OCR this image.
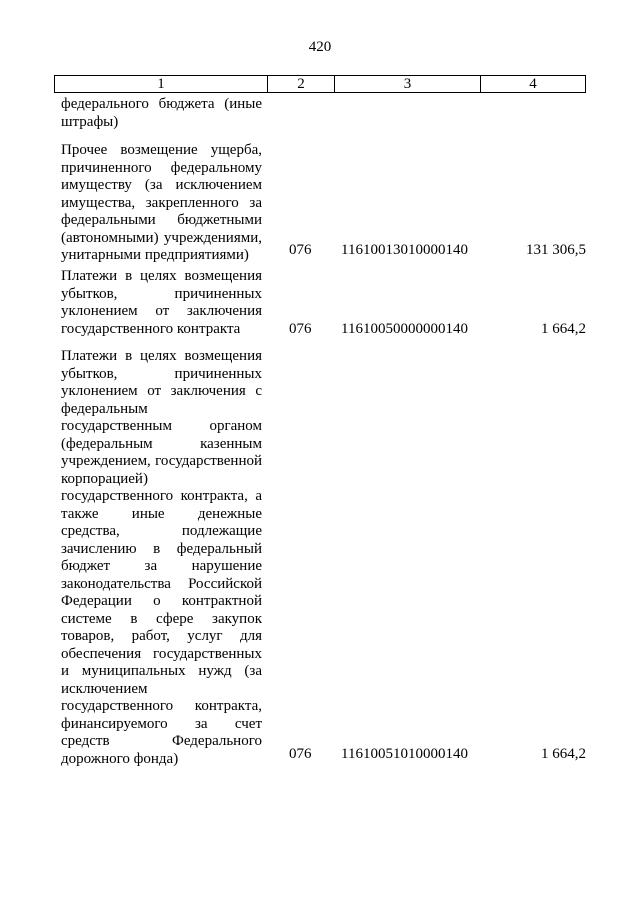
420
1	2	3	4

федерального бюджета (иные штрафы)

Прочее возмещение ущерба, причиненного федеральному имуществу (за исключением имущества, закрепленного за федеральными бюджетными (автономными) учреждениями, унитарными предприятиями)	076 11610013010000140	131 306,5

Платежи в целях возмещения убытков, причиненных уклонением от заключения государственного контракта	076 11610050000000140	1 664,2

Платежи в целях возмещения убытков, причиненных уклонением от заключения с федеральным государственным органом (федеральным казенным учреждением, государственной корпорацией) государственного контракта, а также иные денежные средства, подлежащие зачислению в федеральный бюджет за нарушение законодательства Российской Федерации о контрактной системе в сфере закупок товаров, работ, услуг для обеспечения государственных и муниципальных нужд (за исключением государственного контракта, финансируемого за счет средств Федерального дорожного фонда)	076 11610051010000140	1 664,2
